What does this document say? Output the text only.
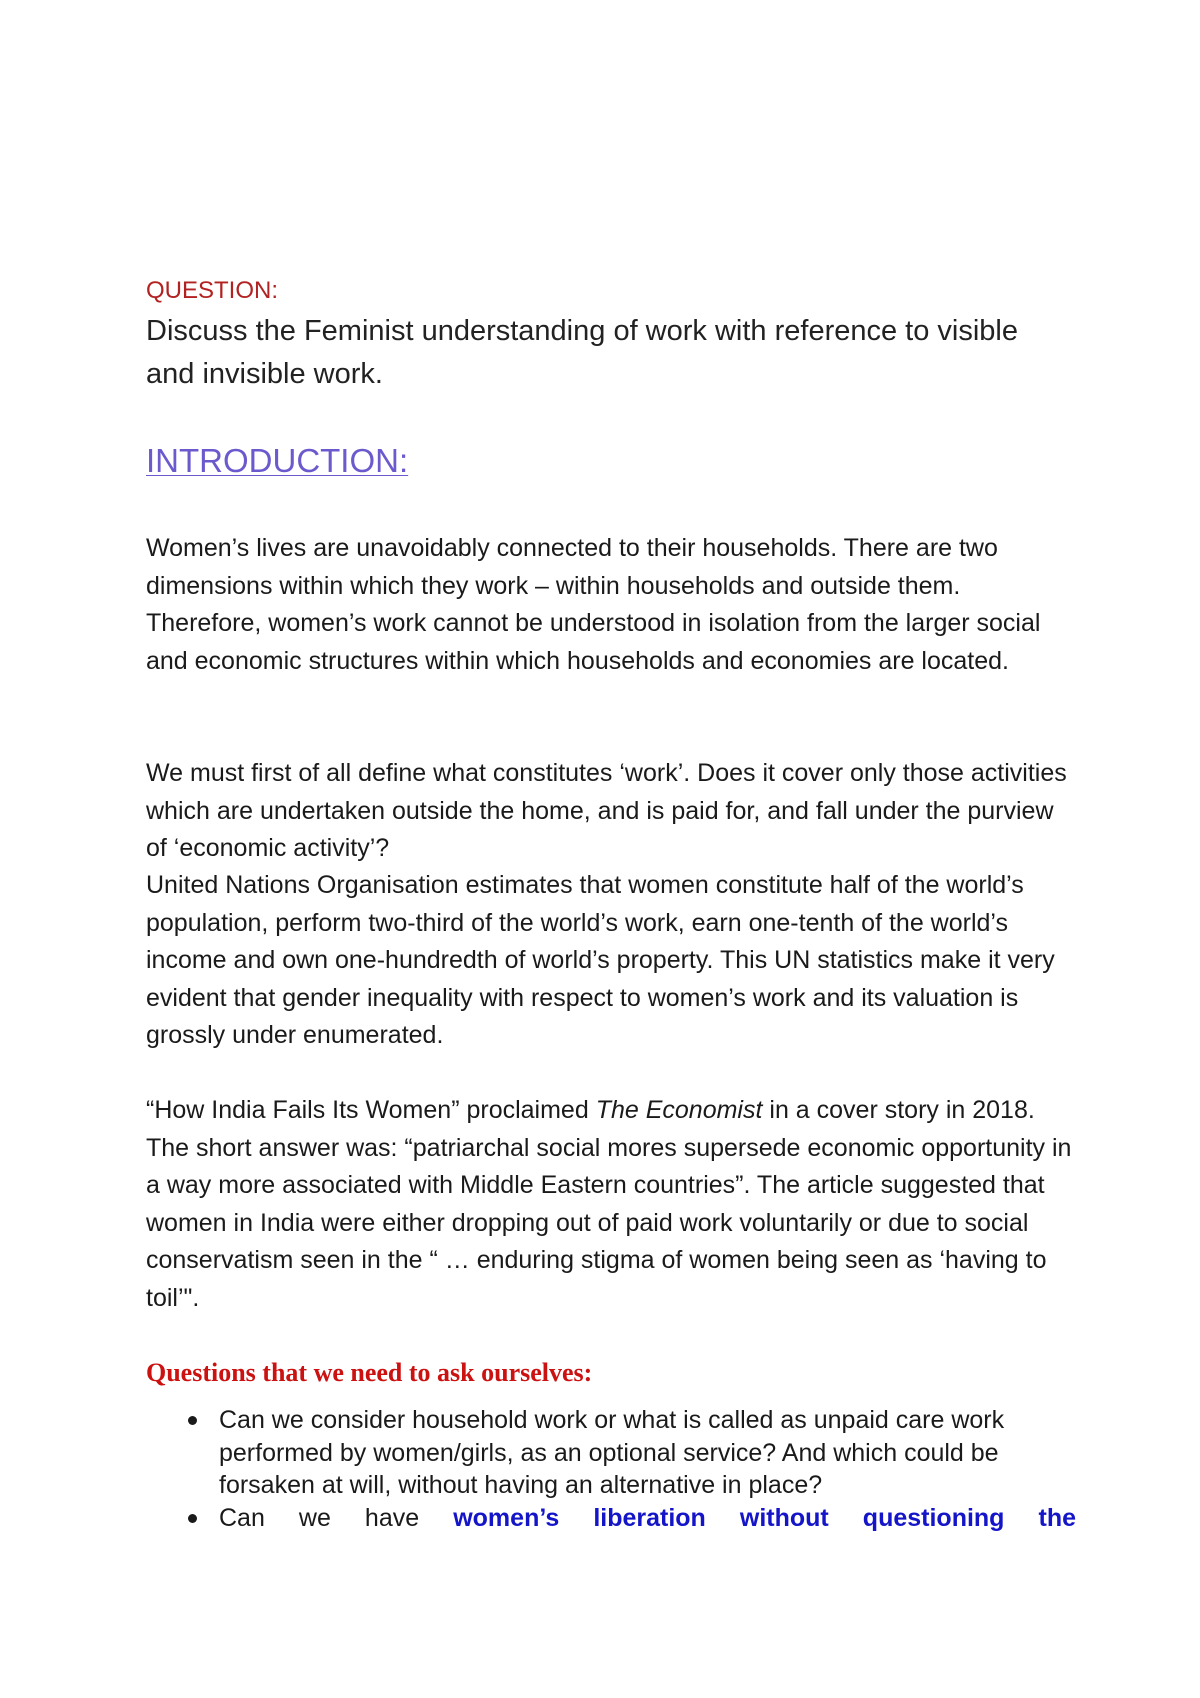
QUESTION:

Discuss the Feminist understanding of work with reference to visible and invisible work.

INTRODUCTION:

Women’s lives are unavoidably connected to their households. There are two dimensions within which they work – within households and outside them. Therefore, women’s work cannot be understood in isolation from the larger social and economic structures within which households and economies are located.

We must first of all define what constitutes ‘work’. Does it cover only those activities which are undertaken outside the home, and is paid for, and fall under the purview of ‘economic activity’?

United Nations Organisation estimates that women constitute half of the world’s population, perform two-third of the world’s work, earn one-tenth of the world’s income and own one-hundredth of world’s property. This UN statistics make it very evident that gender inequality with respect to women’s work and its valuation is grossly under enumerated.

“How India Fails Its Women” proclaimed The Economist in a cover story in 2018. The short answer was: “patriarchal social mores supersede economic opportunity in a way more associated with Middle Eastern countries”. The article suggested that women in India were either dropping out of paid work voluntarily or due to social conservatism seen in the “ … enduring stigma of women being seen as ‘having to toil’".

Questions that we need to ask ourselves:
Can we consider household work or what is called as unpaid care work performed by women/girls, as an optional service? And which could be forsaken at will, without having an alternative in place?
Can we have women’s liberation without questioning the
